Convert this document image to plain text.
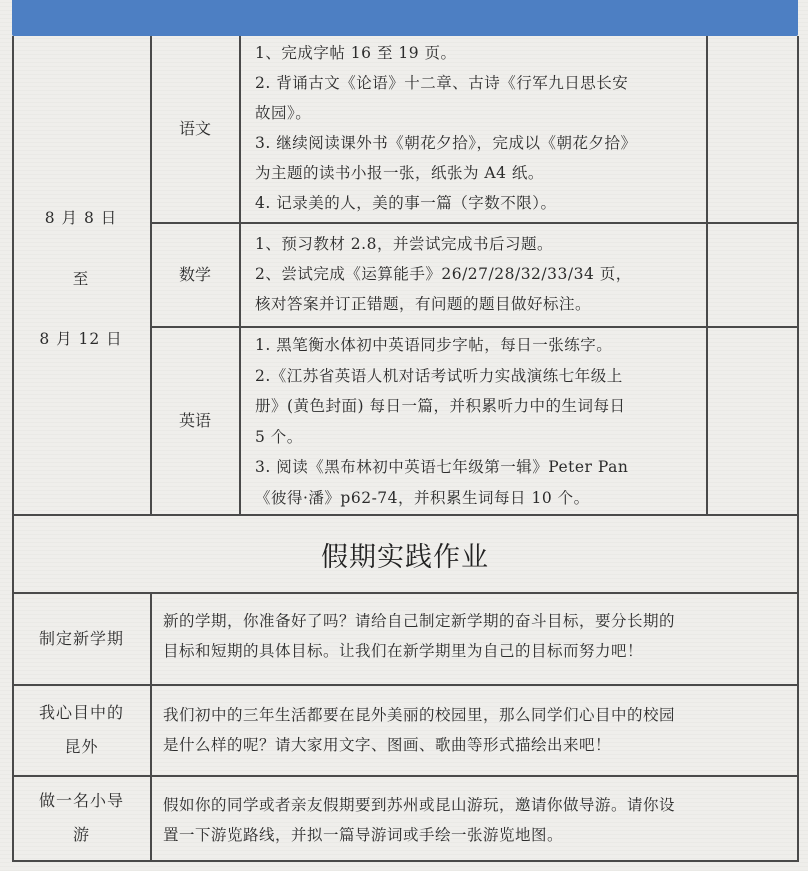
8 月 8 日
至
8 月 12 日
语文
1、完成字帖 16 至 19 页。
2. 背诵古文《论语》十二章、古诗《行军九日思长安
故园》。
3. 继续阅读课外书《朝花夕拾》，完成以《朝花夕拾》
为主题的读书小报一张，纸张为 A4 纸。
4. 记录美的人，美的事一篇（字数不限）。
数学
1、预习教材 2.8，并尝试完成书后习题。
2、尝试完成《运算能手》26/27/28/32/33/34 页，
核对答案并订正错题，有问题的题目做好标注。
英语
1. 黑笔衡水体初中英语同步字帖，每日一张练字。
2.《江苏省英语人机对话考试听力实战演练七年级上
册》(黄色封面) 每日一篇，并积累听力中的生词每日
5 个。
3. 阅读《黑布林初中英语七年级第一辑》Peter Pan
《彼得·潘》p62-74，并积累生词每日 10 个。
假期实践作业
制定新学期
新的学期，你准备好了吗？请给自己制定新学期的奋斗目标，要分长期的
目标和短期的具体目标。让我们在新学期里为自己的目标而努力吧！
我心目中的
昆外
我们初中的三年生活都要在昆外美丽的校园里，那么同学们心目中的校园
是什么样的呢？请大家用文字、图画、歌曲等形式描绘出来吧！
做一名小导
游
假如你的同学或者亲友假期要到苏州或昆山游玩，邀请你做导游。请你设
置一下游览路线，并拟一篇导游词或手绘一张游览地图。
